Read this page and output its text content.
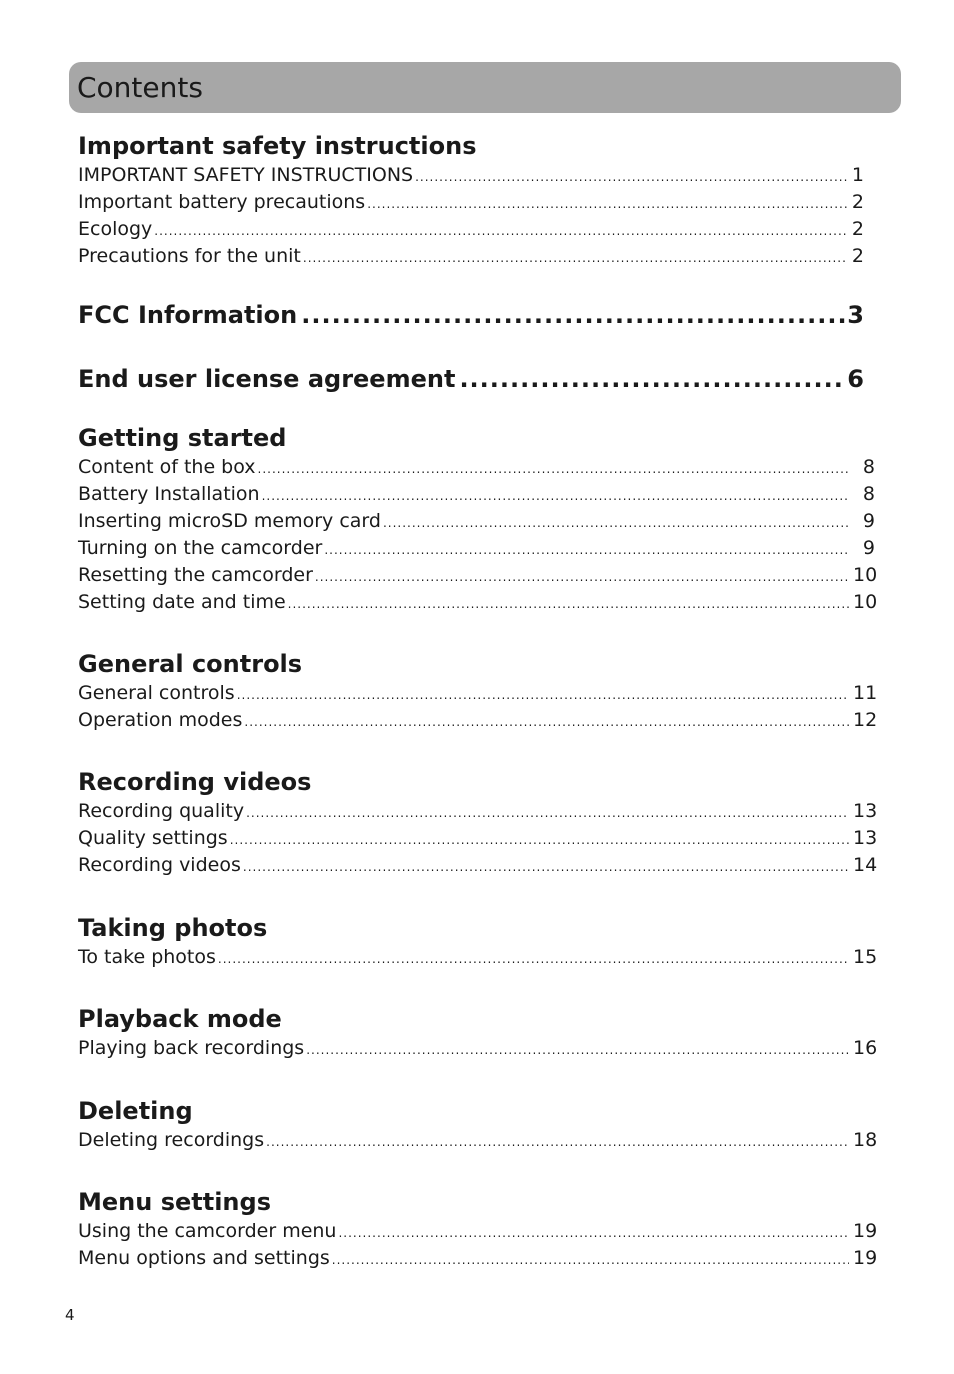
Contents
Important safety instructions
IMPORTANT SAFETY INSTRUCTIONS .....	1
Important battery precautions .....	2
Ecology .....	2
Precautions for the unit .....	2
FCC Information .....	3
End user license agreement .....	6
Getting started
Content of the box .....	8
Battery Installation .....	8
Inserting microSD memory card .....	9
Turning on the camcorder .....	9
Resetting the camcorder .....	10
Setting date and time .....	10
General controls
General controls .....	11
Operation modes .....	12
Recording videos
Recording quality .....	13
Quality settings .....	13
Recording videos .....	14
Taking photos
To take photos .....	15
Playback mode
Playing back recordings .....	16
Deleting
Deleting recordings .....	18
Menu settings
Using the camcorder menu .....	19
Menu options and settings .....	19
4
